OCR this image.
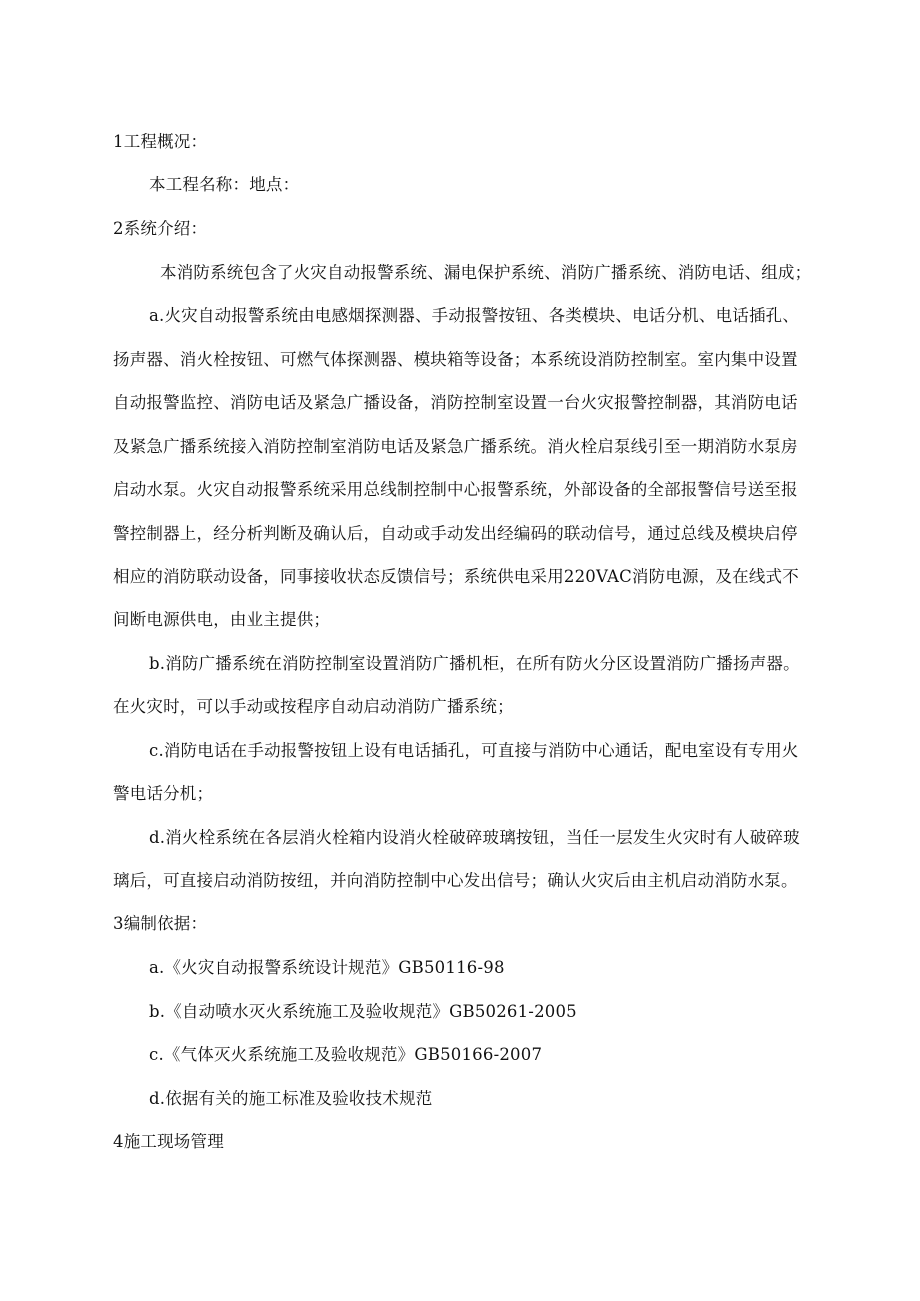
1工程概况：
本工程名称：地点：
2系统介绍：
本消防系统包含了火灾自动报警系统、漏电保护系统、消防广播系统、消防电话、组成；
a.火灾自动报警系统由电感烟探测器、手动报警按钮、各类模块、电话分机、电话插孔、
扬声器、消火栓按钮、可燃气体探测器、模块箱等设备；本系统设消防控制室。室内集中设置
自动报警监控、消防电话及紧急广播设备，消防控制室设置一台火灾报警控制器，其消防电话
及紧急广播系统接入消防控制室消防电话及紧急广播系统。消火栓启泵线引至一期消防水泵房
启动水泵。火灾自动报警系统采用总线制控制中心报警系统，外部设备的全部报警信号送至报
警控制器上，经分析判断及确认后，自动或手动发出经编码的联动信号，通过总线及模块启停
相应的消防联动设备，同事接收状态反馈信号；系统供电采用220VAC消防电源，及在线式不
间断电源供电，由业主提供；
b.消防广播系统在消防控制室设置消防广播机柜，在所有防火分区设置消防广播扬声器。
在火灾时，可以手动或按程序自动启动消防广播系统；
c.消防电话在手动报警按钮上设有电话插孔，可直接与消防中心通话，配电室设有专用火
警电话分机；
d.消火栓系统在各层消火栓箱内设消火栓破碎玻璃按钮，当任一层发生火灾时有人破碎玻
璃后，可直接启动消防按纽，并向消防控制中心发出信号；确认火灾后由主机启动消防水泵。
3编制依据：
a.《火灾自动报警系统设计规范》GB50116-98
b.《自动喷水灭火系统施工及验收规范》GB50261-2005
c.《气体灭火系统施工及验收规范》GB50166-2007
d.依据有关的施工标准及验收技术规范
4施工现场管理
